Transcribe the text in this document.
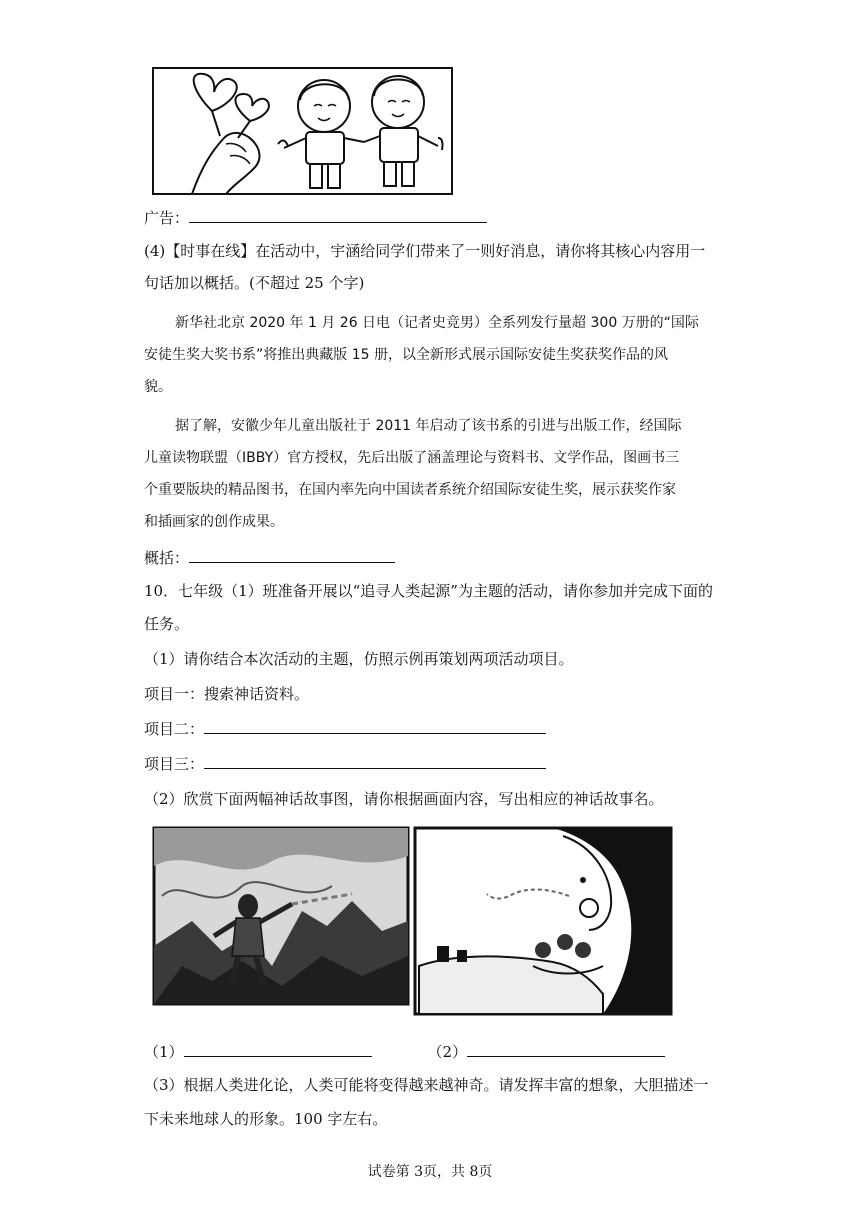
广告：
(4)【时事在线】在活动中，宇涵给同学们带来了一则好消息，请你将其核心内容用一
句话加以概括。(不超过 25 个字)
新华社北京 2020 年 1 月 26 日电（记者史竞男）全系列发行量超 300 万册的“国际
安徒生奖大奖书系”将推出典藏版 15 册，以全新形式展示国际安徒生奖获奖作品的风
貌。
据了解，安徽少年儿童出版社于 2011 年启动了该书系的引进与出版工作，经国际
儿童读物联盟（IBBY）官方授权，先后出版了涵盖理论与资料书、文学作品，图画书三
个重要版块的精品图书，在国内率先向中国读者系统介绍国际安徒生奖，展示获奖作家
和插画家的创作成果。
概括：
10．七年级（1）班准备开展以“追寻人类起源”为主题的活动，请你参加并完成下面的
任务。
（1）请你结合本次活动的主题，仿照示例再策划两项活动项目。
项目一：搜索神话资料。
项目二：
项目三：
（2）欣赏下面两幅神话故事图，请你根据画面内容，写出相应的神话故事名。
（1）	（2）
（3）根据人类进化论，人类可能将变得越来越神奇。请发挥丰富的想象，大胆描述一
下未来地球人的形象。100 字左右。
试卷第 3页，共 8页
